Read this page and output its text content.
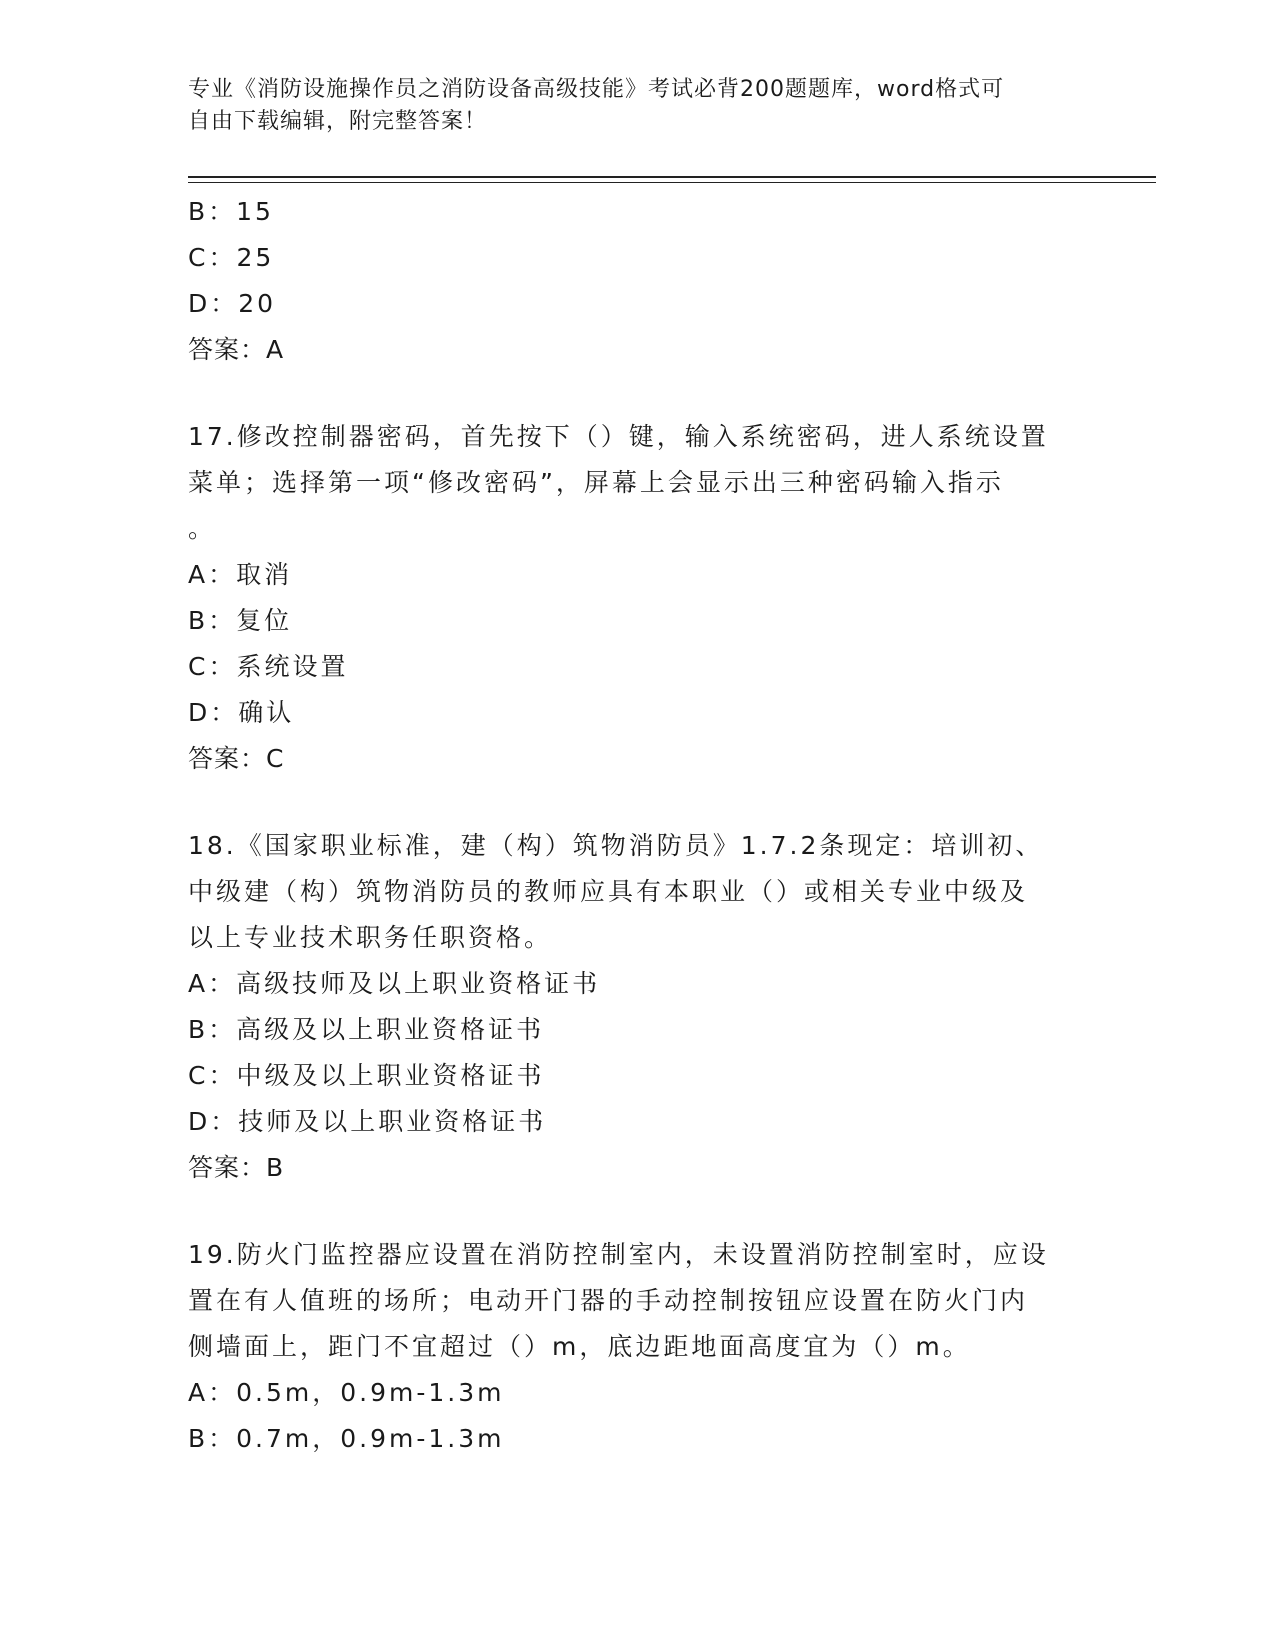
专业《消防设施操作员之消防设备高级技能》考试必背200题题库，word格式可
自由下载编辑，附完整答案！
B：15
C：25
D：20
答案：A
17.修改控制器密码，首先按下（）键，输入系统密码，进人系统设置
菜单；选择第一项“修改密码”，屏幕上会显示出三种密码输入指示
。
A：取消
B：复位
C：系统设置
D：确认
答案：C
18.《国家职业标准，建（构）筑物消防员》1.7.2条现定：培训初、
中级建（构）筑物消防员的教师应具有本职业（）或相关专业中级及
以上专业技术职务任职资格。
A：高级技师及以上职业资格证书
B：高级及以上职业资格证书
C：中级及以上职业资格证书
D：技师及以上职业资格证书
答案：B
19.防火门监控器应设置在消防控制室内，未设置消防控制室时，应设
置在有人值班的场所；电动开门器的手动控制按钮应设置在防火门内
侧墙面上，距门不宜超过（）m，底边距地面高度宜为（）m。
A：0.5m，0.9m-1.3m
B：0.7m，0.9m-1.3m
